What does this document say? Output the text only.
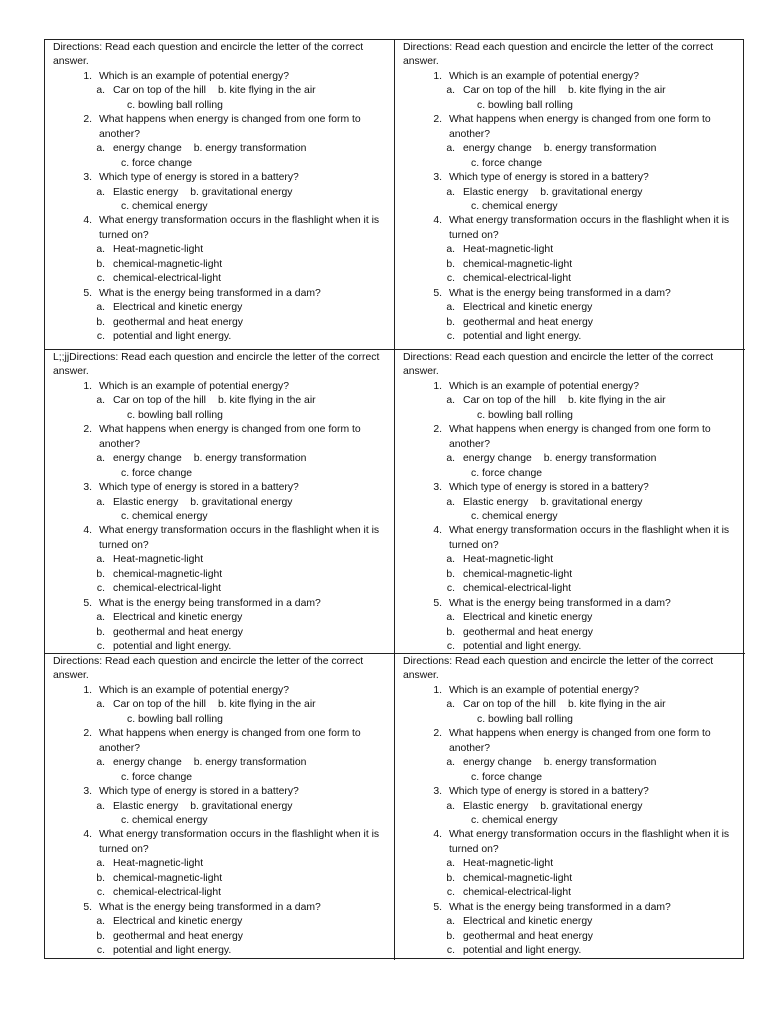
Directions: Read each question and encircle the letter of the correct answer.
1. Which is an example of potential energy?
a. Car on top of the hill b. kite flying in the air
c. bowling ball rolling
2. What happens when energy is changed from one form to another?
a. energy change b. energy transformation
c. force change
3. Which type of energy is stored in a battery?
a. Elastic energy b. gravitational energy
c. chemical energy
4. What energy transformation occurs in the flashlight when it is turned on?
a. Heat-magnetic-light
b. chemical-magnetic-light
c. chemical-electrical-light
5. What is the energy being transformed in a dam?
a. Electrical and kinetic energy
b. geothermal and heat energy
c. potential and light energy.
Directions: Read each question and encircle the letter of the correct answer.
1. Which is an example of potential energy?
a. Car on top of the hill b. kite flying in the air
c. bowling ball rolling
2. What happens when energy is changed from one form to another?
a. energy change b. energy transformation
c. force change
3. Which type of energy is stored in a battery?
a. Elastic energy b. gravitational energy
c. chemical energy
4. What energy transformation occurs in the flashlight when it is turned on?
a. Heat-magnetic-light
b. chemical-magnetic-light
c. chemical-electrical-light
5. What is the energy being transformed in a dam?
a. Electrical and kinetic energy
b. geothermal and heat energy
c. potential and light energy.
L;;jjDirections: Read each question and encircle the letter of the correct answer.
1. Which is an example of potential energy?
a. Car on top of the hill b. kite flying in the air
c. bowling ball rolling
2. What happens when energy is changed from one form to another?
a. energy change b. energy transformation
c. force change
3. Which type of energy is stored in a battery?
a. Elastic energy b. gravitational energy
c. chemical energy
4. What energy transformation occurs in the flashlight when it is turned on?
a. Heat-magnetic-light
b. chemical-magnetic-light
c. chemical-electrical-light
5. What is the energy being transformed in a dam?
a. Electrical and kinetic energy
b. geothermal and heat energy
c. potential and light energy.
Directions: Read each question and encircle the letter of the correct answer.
1. Which is an example of potential energy?
a. Car on top of the hill b. kite flying in the air
c. bowling ball rolling
2. What happens when energy is changed from one form to another?
a. energy change b. energy transformation
c. force change
3. Which type of energy is stored in a battery?
a. Elastic energy b. gravitational energy
c. chemical energy
4. What energy transformation occurs in the flashlight when it is turned on?
a. Heat-magnetic-light
b. chemical-magnetic-light
c. chemical-electrical-light
5. What is the energy being transformed in a dam?
a. Electrical and kinetic energy
b. geothermal and heat energy
c. potential and light energy.
Directions: Read each question and encircle the letter of the correct answer.
1. Which is an example of potential energy?
a. Car on top of the hill b. kite flying in the air
c. bowling ball rolling
2. What happens when energy is changed from one form to another?
a. energy change b. energy transformation
c. force change
3. Which type of energy is stored in a battery?
a. Elastic energy b. gravitational energy
c. chemical energy
4. What energy transformation occurs in the flashlight when it is turned on?
a. Heat-magnetic-light
b. chemical-magnetic-light
c. chemical-electrical-light
5. What is the energy being transformed in a dam?
a. Electrical and kinetic energy
b. geothermal and heat energy
c. potential and light energy.
Directions: Read each question and encircle the letter of the correct answer.
1. Which is an example of potential energy?
a. Car on top of the hill b. kite flying in the air
c. bowling ball rolling
2. What happens when energy is changed from one form to another?
a. energy change b. energy transformation
c. force change
3. Which type of energy is stored in a battery?
a. Elastic energy b. gravitational energy
c. chemical energy
4. What energy transformation occurs in the flashlight when it is turned on?
a. Heat-magnetic-light
b. chemical-magnetic-light
c. chemical-electrical-light
5. What is the energy being transformed in a dam?
a. Electrical and kinetic energy
b. geothermal and heat energy
c. potential and light energy.
